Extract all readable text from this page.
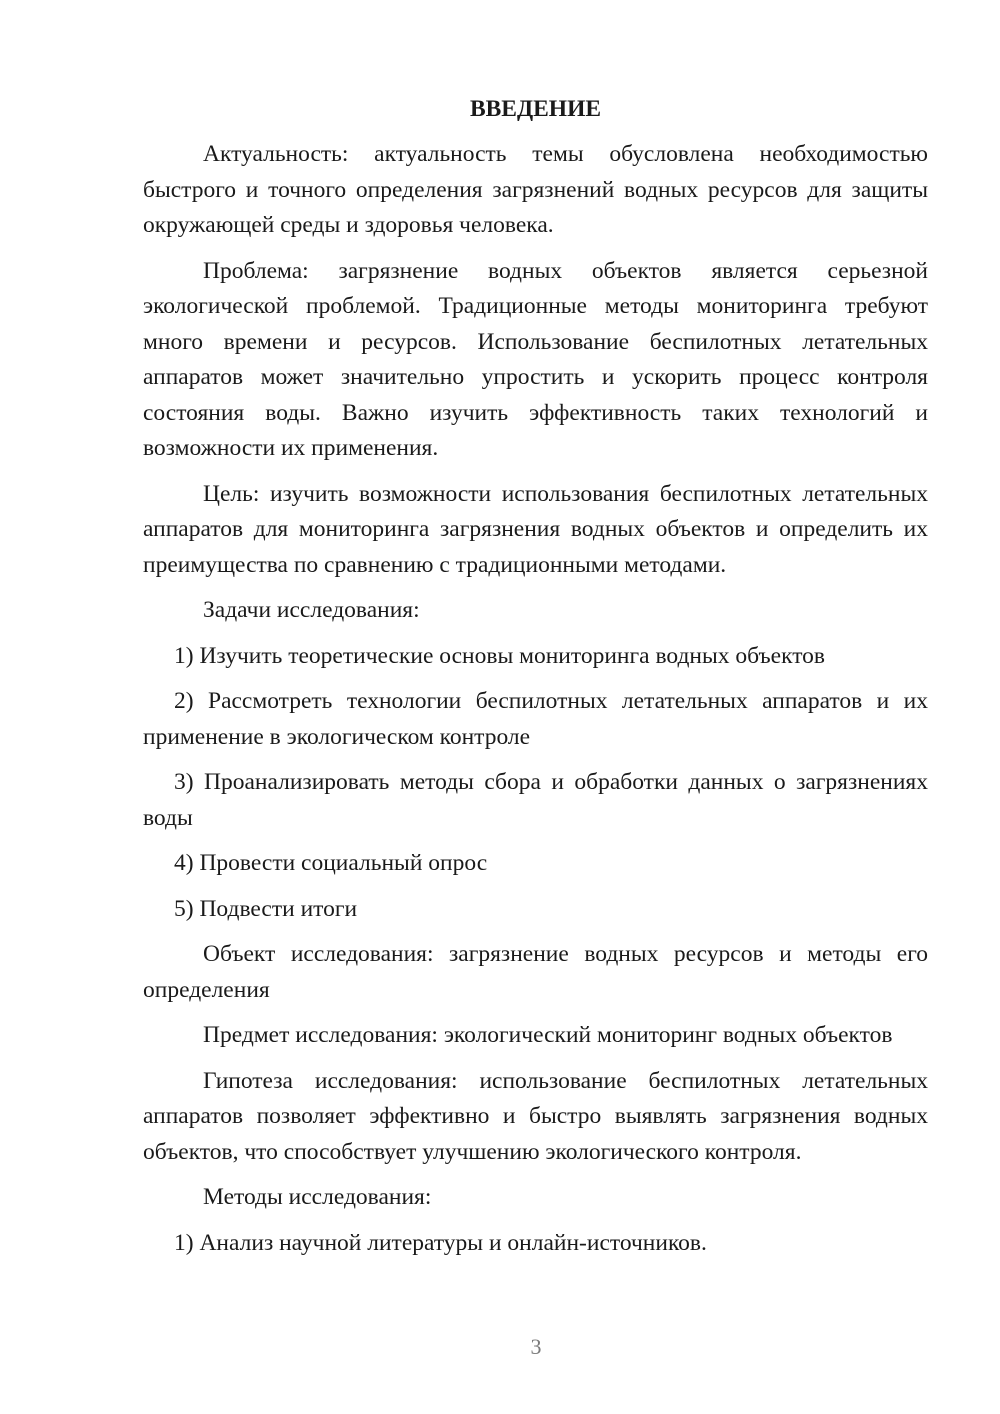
ВВЕДЕНИЕ

Актуальность: актуальность темы обусловлена необходимостью быстрого и точного определения загрязнений водных ресурсов для защиты окружающей среды и здоровья человека.

Проблема: загрязнение водных объектов является серьезной экологической проблемой. Традиционные методы мониторинга требуют много времени и ресурсов. Использование беспилотных летательных аппаратов может значительно упростить и ускорить процесс контроля состояния воды. Важно изучить эффективность таких технологий и возможности их применения.

Цель: изучить возможности использования беспилотных летательных аппаратов для мониторинга загрязнения водных объектов и определить их преимущества по сравнению с традиционными методами.

Задачи исследования:

1) Изучить теоретические основы мониторинга водных объектов

2) Рассмотреть технологии беспилотных летательных аппаратов и их применение в экологическом контроле

3) Проанализировать методы сбора и обработки данных о загрязнениях воды

4) Провести социальный опрос

5) Подвести итоги

Объект исследования: загрязнение водных ресурсов и методы его определения

Предмет исследования: экологический мониторинг водных объектов

Гипотеза исследования: использование беспилотных летательных аппаратов позволяет эффективно и быстро выявлять загрязнения водных объектов, что способствует улучшению экологического контроля.

Методы исследования:

1) Анализ научной литературы и онлайн-источников.

3
